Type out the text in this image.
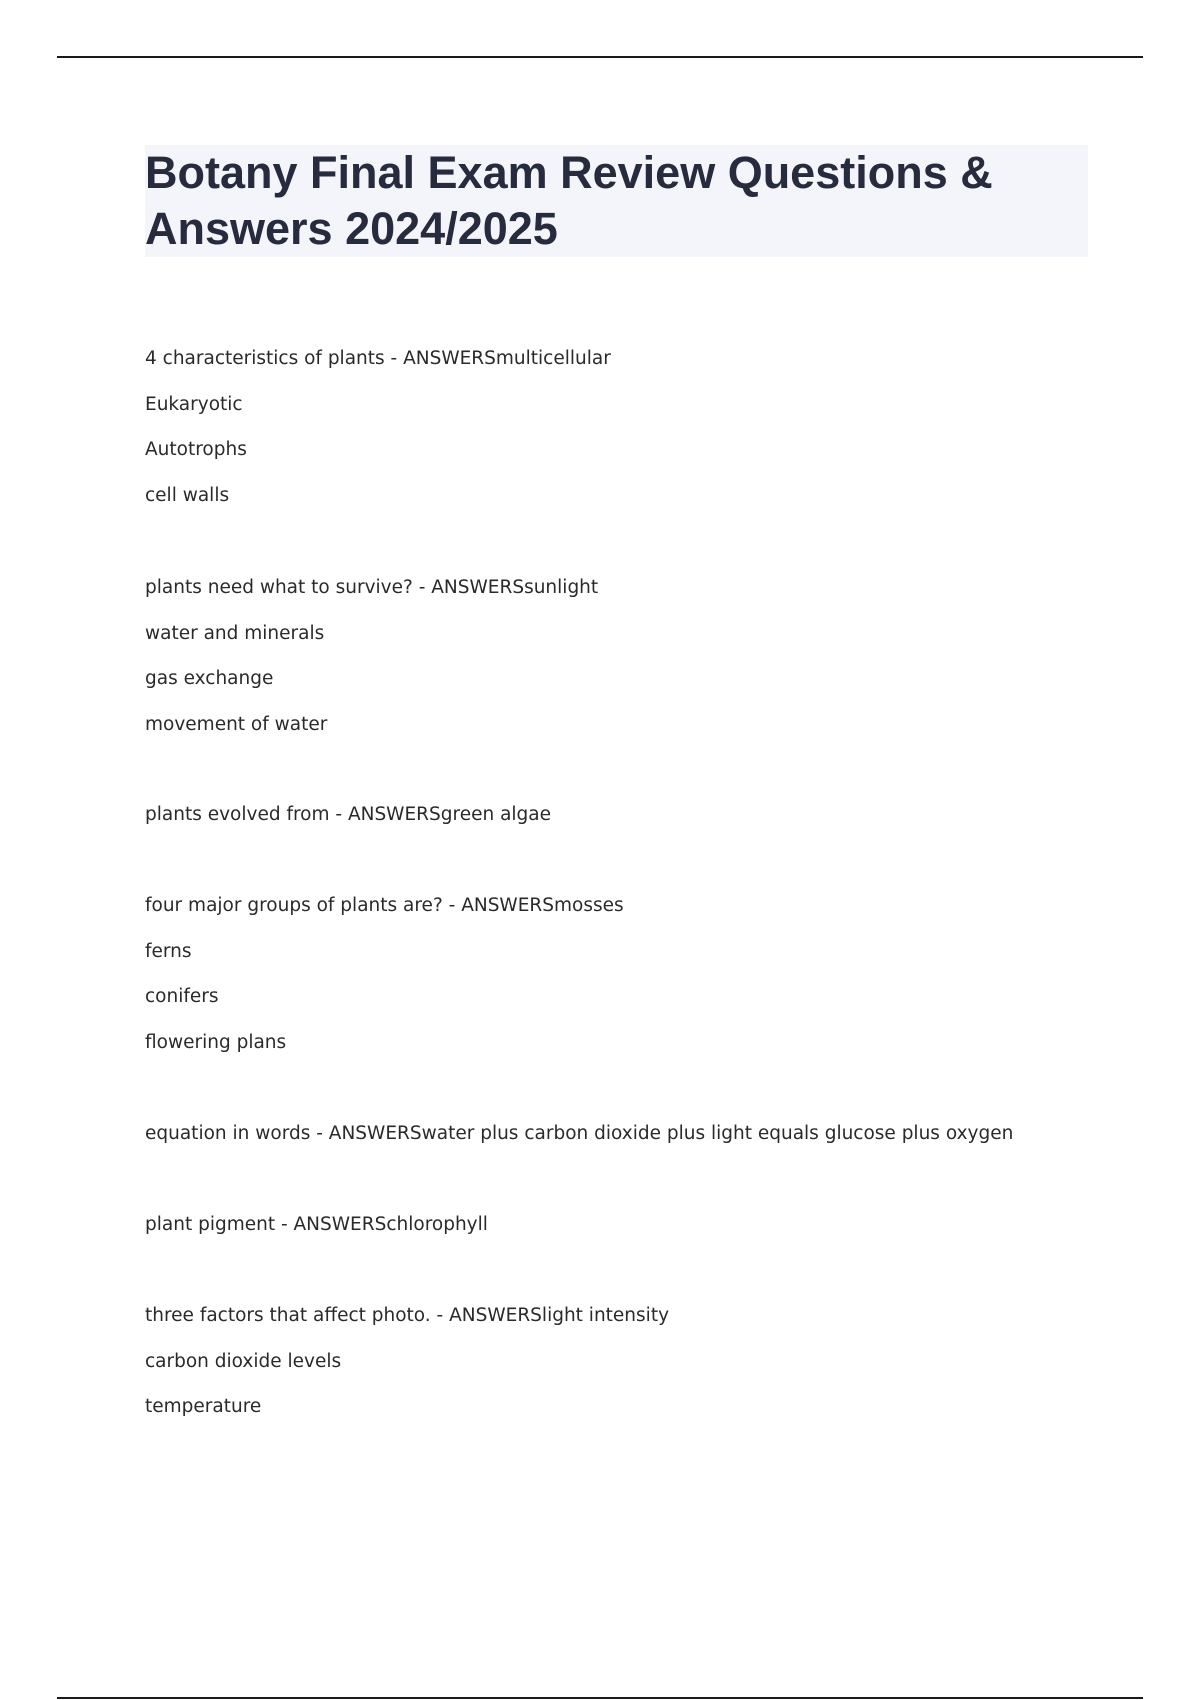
Botany Final Exam Review Questions & Answers 2024/2025
4 characteristics of plants - ANSWERSmulticellular
Eukaryotic
Autotrophs
cell walls
plants need what to survive? - ANSWERSsunlight
water and minerals
gas exchange
movement of water
plants evolved from - ANSWERSgreen algae
four major groups of plants are? - ANSWERSmosses
ferns
conifers
flowering plans
equation in words - ANSWERSwater plus carbon dioxide plus light equals glucose plus oxygen
plant pigment - ANSWERSchlorophyll
three factors that affect photo. - ANSWERSlight intensity
carbon dioxide levels
temperature
